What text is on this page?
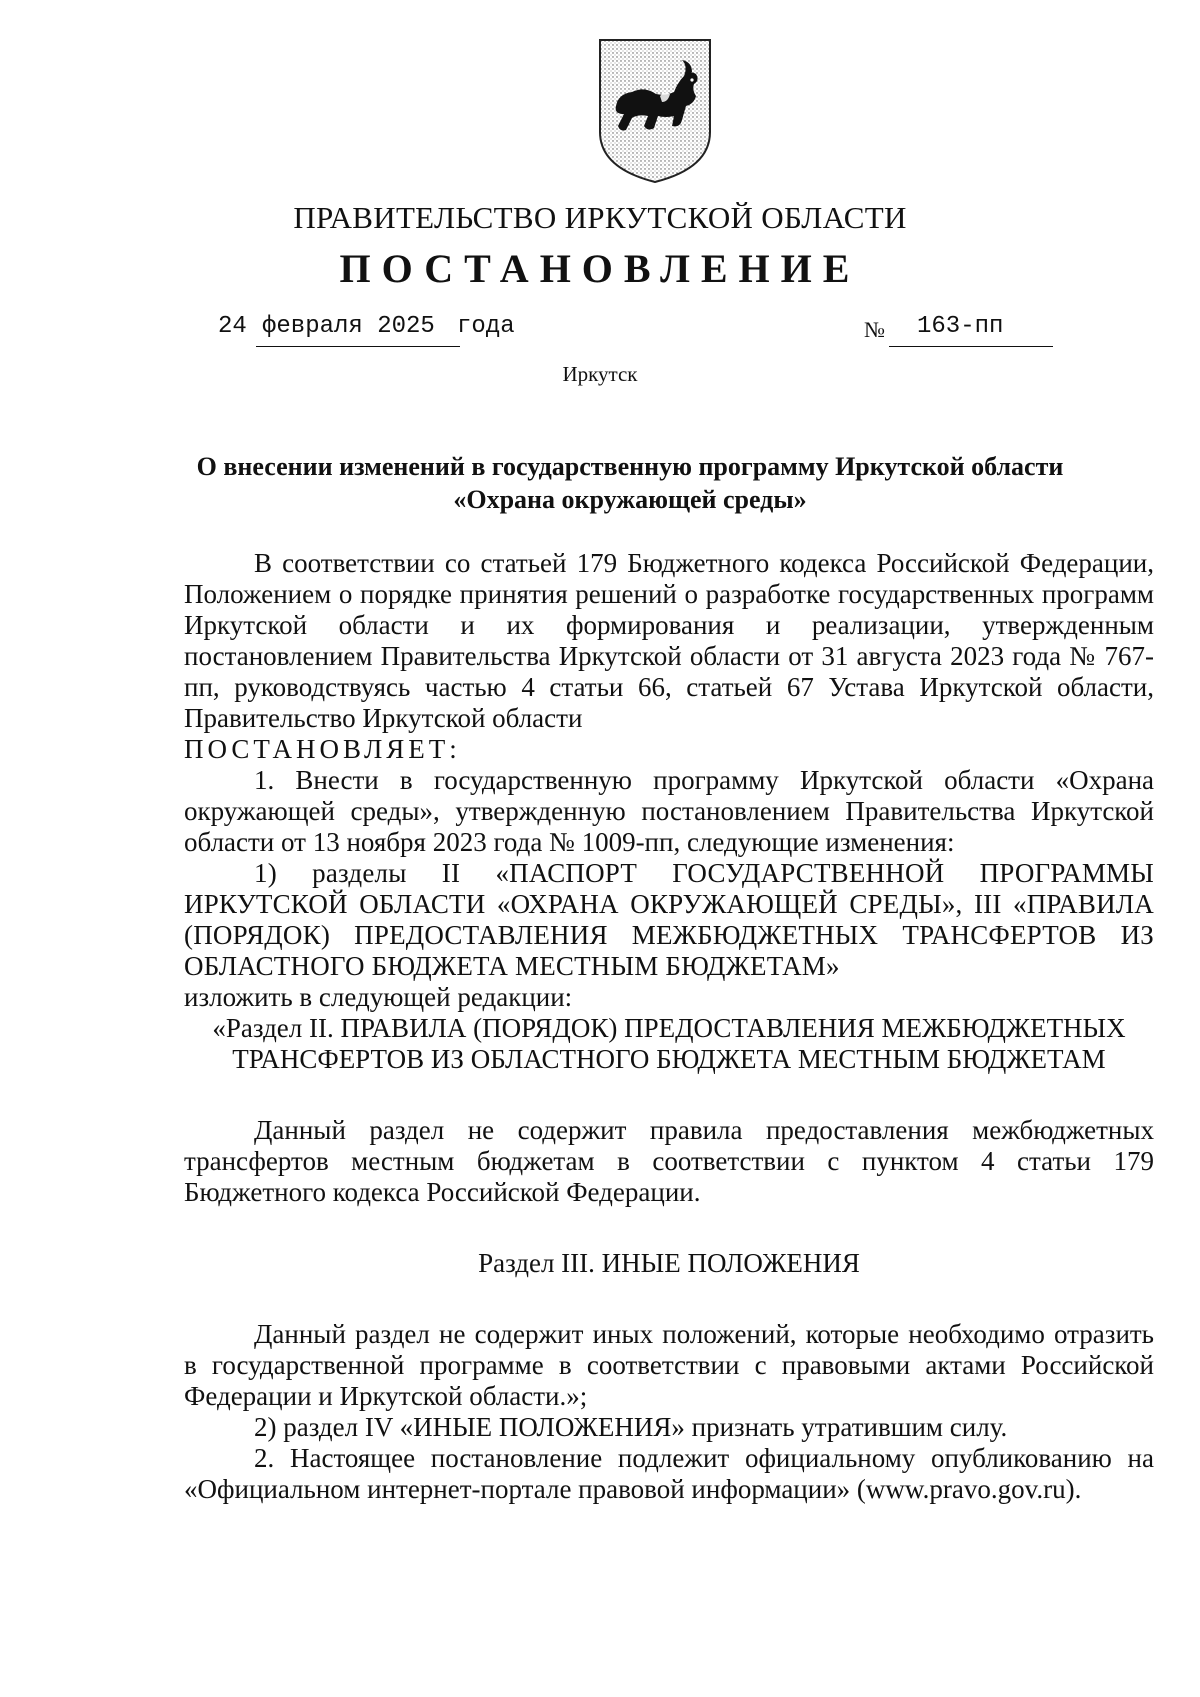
ПРАВИТЕЛЬСТВО ИРКУТСКОЙ ОБЛАСТИ
ПОСТАНОВЛЕНИЕ
24 февраля 2025 года	№ 163-пп
Иркутск
О внесении изменений в государственную программу Иркутской области
«Охрана окружающей среды»

В соответствии со статьей 179 Бюджетного кодекса Российской Федерации, Положением о порядке принятия решений о разработке государственных программ Иркутской области и их формирования и реализации, утвержденным постановлением Правительства Иркутской области от 31 августа 2023 года № 767-пп, руководствуясь частью 4 статьи 66, статьей 67 Устава Иркутской области, Правительство Иркутской области

ПОСТАНОВЛЯЕТ:

1. Внести в государственную программу Иркутской области «Охрана окружающей среды», утвержденную постановлением Правительства Иркутской области от 13 ноября 2023 года № 1009-пп, следующие изменения:

1) разделы II «ПАСПОРТ ГОСУДАРСТВЕННОЙ ПРОГРАММЫ ИРКУТСКОЙ ОБЛАСТИ «ОХРАНА ОКРУЖАЮЩЕЙ СРЕДЫ», III «ПРАВИЛА (ПОРЯДОК) ПРЕДОСТАВЛЕНИЯ МЕЖБЮДЖЕТНЫХ ТРАНСФЕРТОВ ИЗ ОБЛАСТНОГО БЮДЖЕТА МЕСТНЫМ БЮДЖЕТАМ»

изложить в следующей редакции:

«Раздел II. ПРАВИЛА (ПОРЯДОК) ПРЕДОСТАВЛЕНИЯ МЕЖБЮДЖЕТНЫХ

ТРАНСФЕРТОВ ИЗ ОБЛАСТНОГО БЮДЖЕТА МЕСТНЫМ БЮДЖЕТАМ

Данный раздел не содержит правила предоставления межбюджетных трансфертов местным бюджетам в соответствии с пунктом 4 статьи 179 Бюджетного кодекса Российской Федерации.

Раздел III. ИНЫЕ ПОЛОЖЕНИЯ

Данный раздел не содержит иных положений, которые необходимо отразить в государственной программе в соответствии с правовыми актами Российской Федерации и Иркутской области.»;

2) раздел IV «ИНЫЕ ПОЛОЖЕНИЯ» признать утратившим силу.

2. Настоящее постановление подлежит официальному опубликованию на «Официальном интернет-портале правовой информации» (www.pravo.gov.ru).
